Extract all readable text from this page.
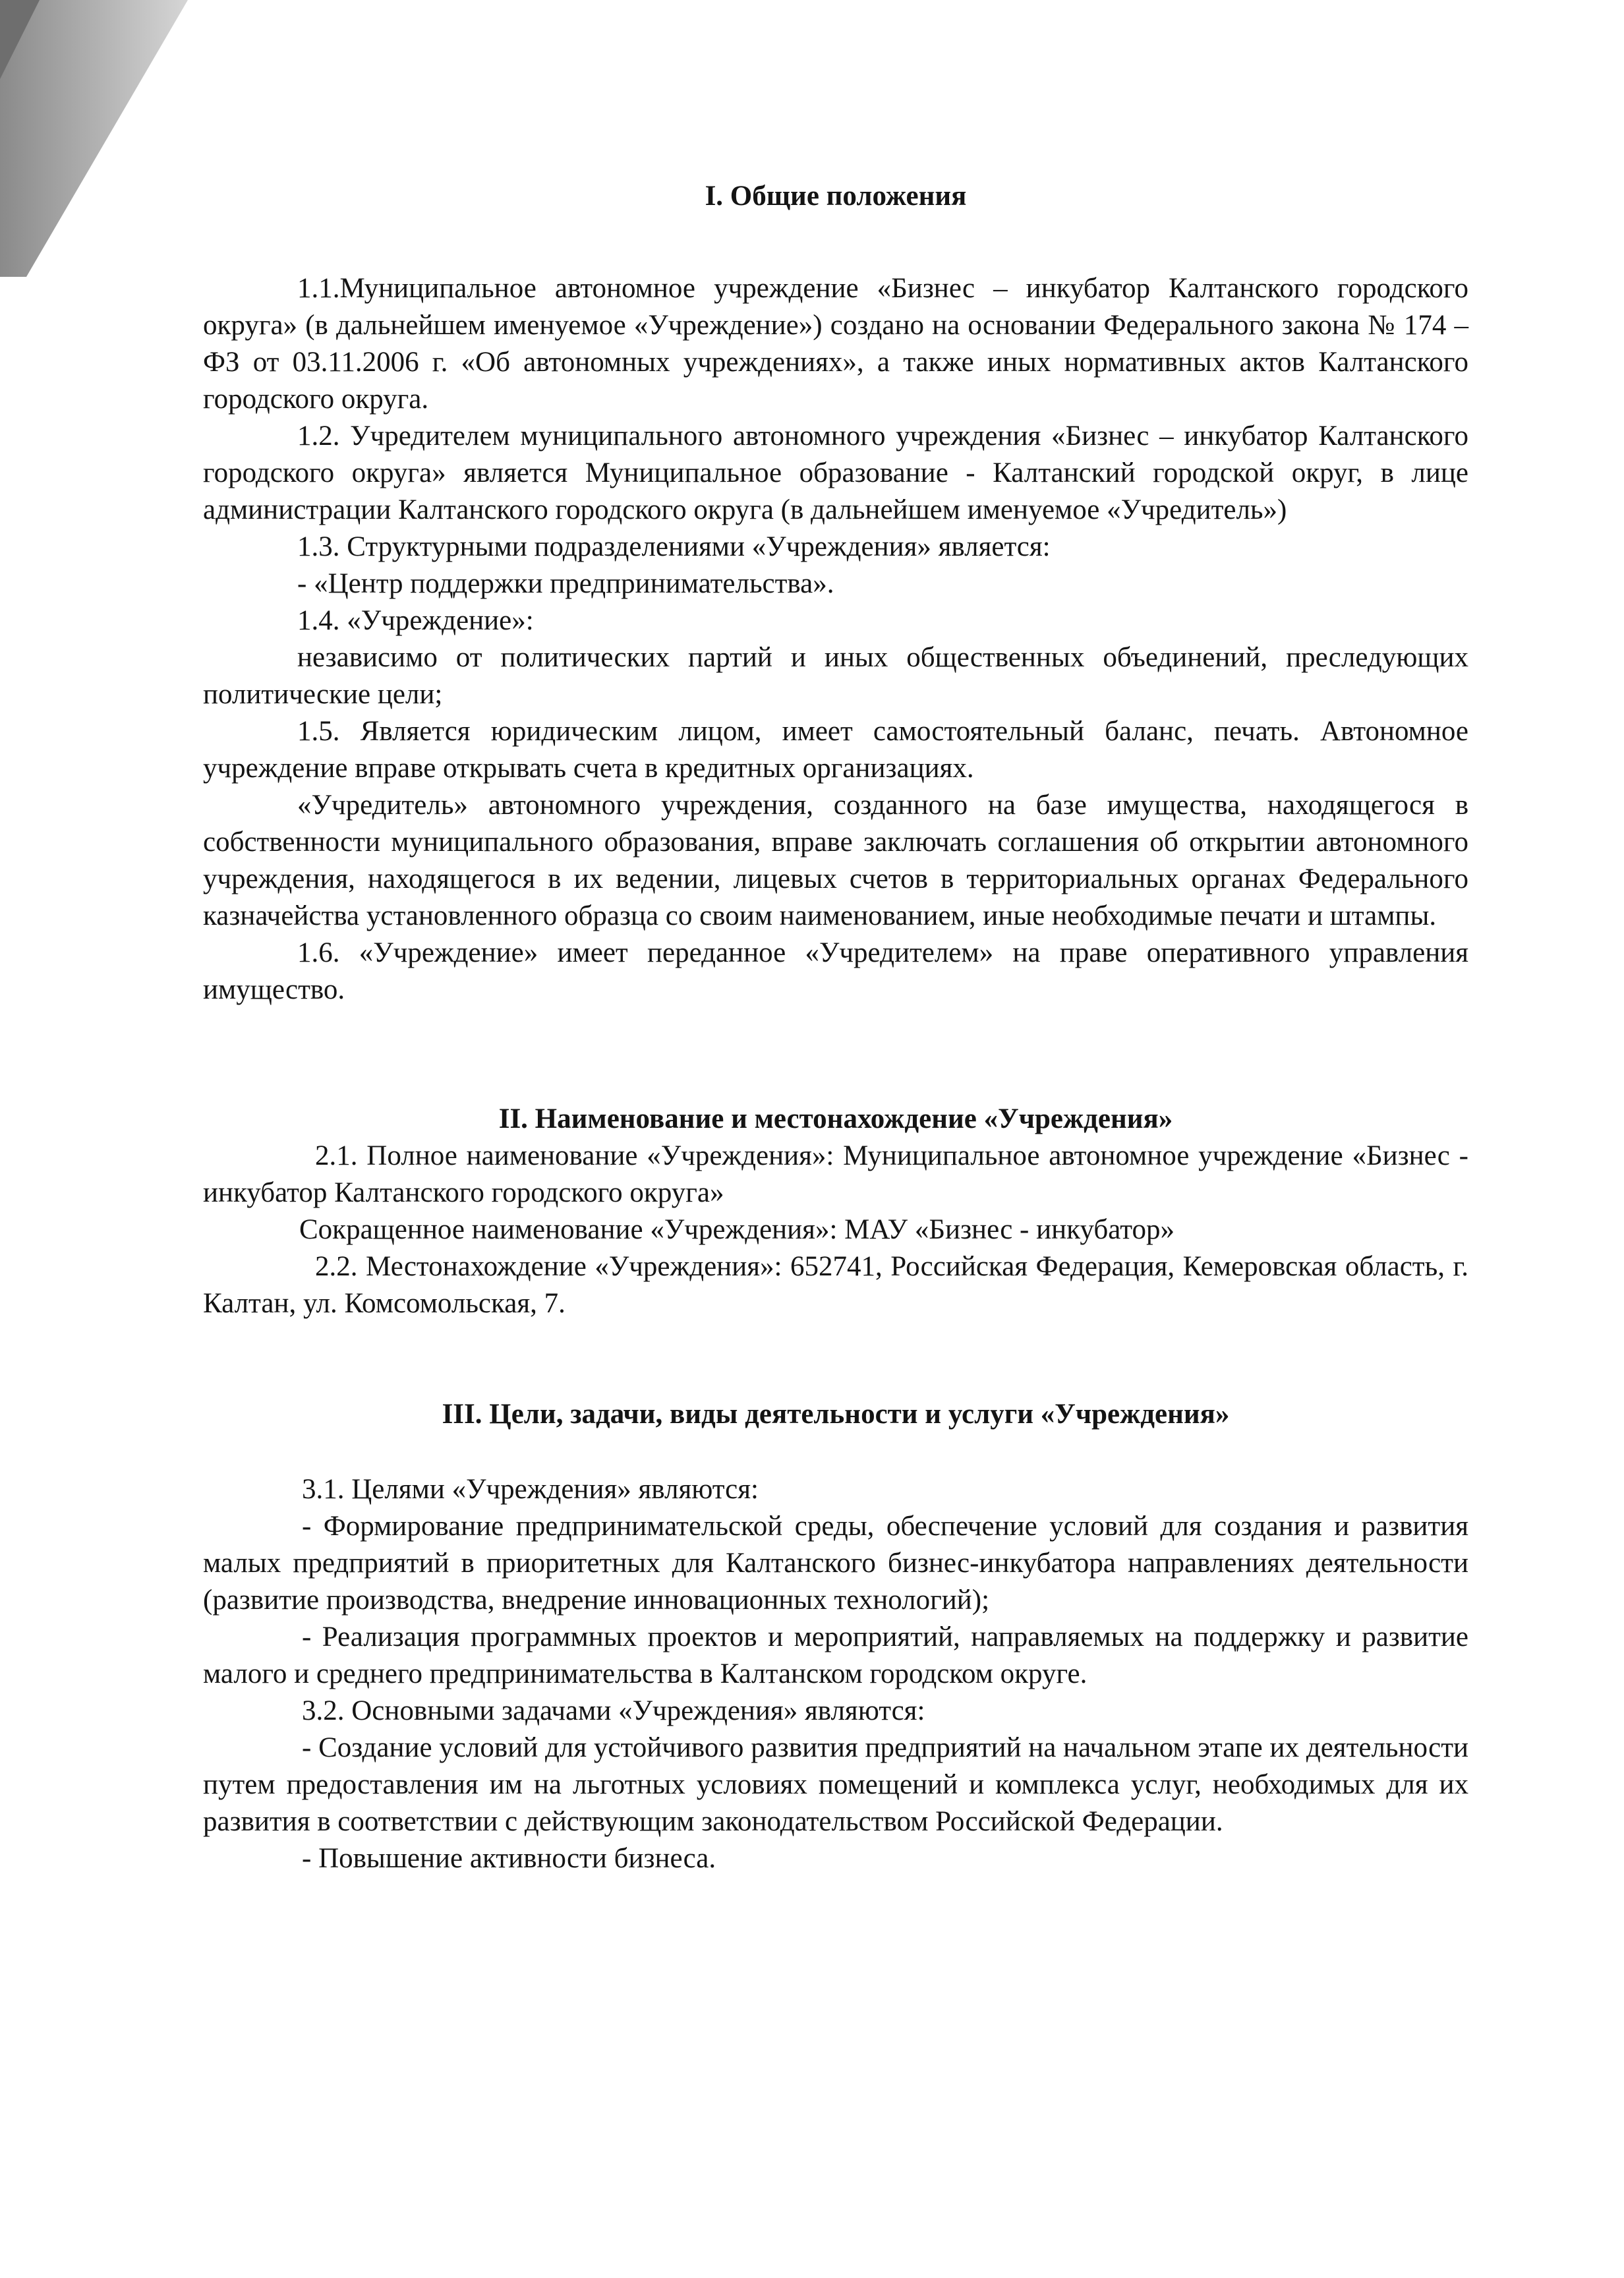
I. Общие положения

1.1.Муниципальное автономное учреждение «Бизнес – инкубатор Калтанского городского округа» (в дальнейшем именуемое «Учреждение») создано на основании Федерального закона № 174 – ФЗ от 03.11.2006 г. «Об автономных учреждениях», а также иных нормативных актов Калтанского городского округа.

1.2. Учредителем муниципального автономного учреждения «Бизнес – инкубатор Калтанского городского округа» является Муниципальное образование - Калтанский городской округ, в лице администрации Калтанского городского округа (в дальнейшем именуемое «Учредитель»)

1.3. Структурными подразделениями «Учреждения» является:

- «Центр поддержки предпринимательства».

1.4. «Учреждение»:

независимо от политических партий и иных общественных объединений, преследующих политические цели;

1.5. Является юридическим лицом, имеет самостоятельный баланс, печать. Автономное учреждение вправе открывать счета в кредитных организациях.

«Учредитель» автономного учреждения, созданного на базе имущества, находящегося в собственности муниципального образования, вправе заключать соглашения об открытии автономного учреждения, находящегося в их ведении, лицевых счетов в территориальных органах Федерального казначейства установленного образца со своим наименованием, иные необходимые печати и штампы.

1.6. «Учреждение» имеет переданное «Учредителем» на праве оперативного управления имущество.

II. Наименование и местонахождение «Учреждения»

2.1. Полное наименование «Учреждения»: Муниципальное автономное учреждение «Бизнес - инкубатор Калтанского городского округа»

Сокращенное наименование «Учреждения»: МАУ «Бизнес - инкубатор»

2.2. Местонахождение «Учреждения»: 652741, Российская Федерация, Кемеровская область, г. Калтан, ул. Комсомольская, 7.

III. Цели, задачи, виды деятельности и услуги «Учреждения»

3.1. Целями «Учреждения» являются:

- Формирование предпринимательской среды, обеспечение условий для создания и развития малых предприятий в приоритетных для Калтанского бизнес-инкубатора направлениях деятельности (развитие производства, внедрение инновационных технологий);

- Реализация программных проектов и мероприятий, направляемых на поддержку и развитие малого и среднего предпринимательства в Калтанском городском округе.

3.2. Основными задачами «Учреждения» являются:

- Создание условий для устойчивого развития предприятий на начальном этапе их деятельности путем предоставления им на льготных условиях помещений и комплекса услуг, необходимых для их развития в соответствии с действующим законодательством Российской Федерации.

- Повышение активности бизнеса.
